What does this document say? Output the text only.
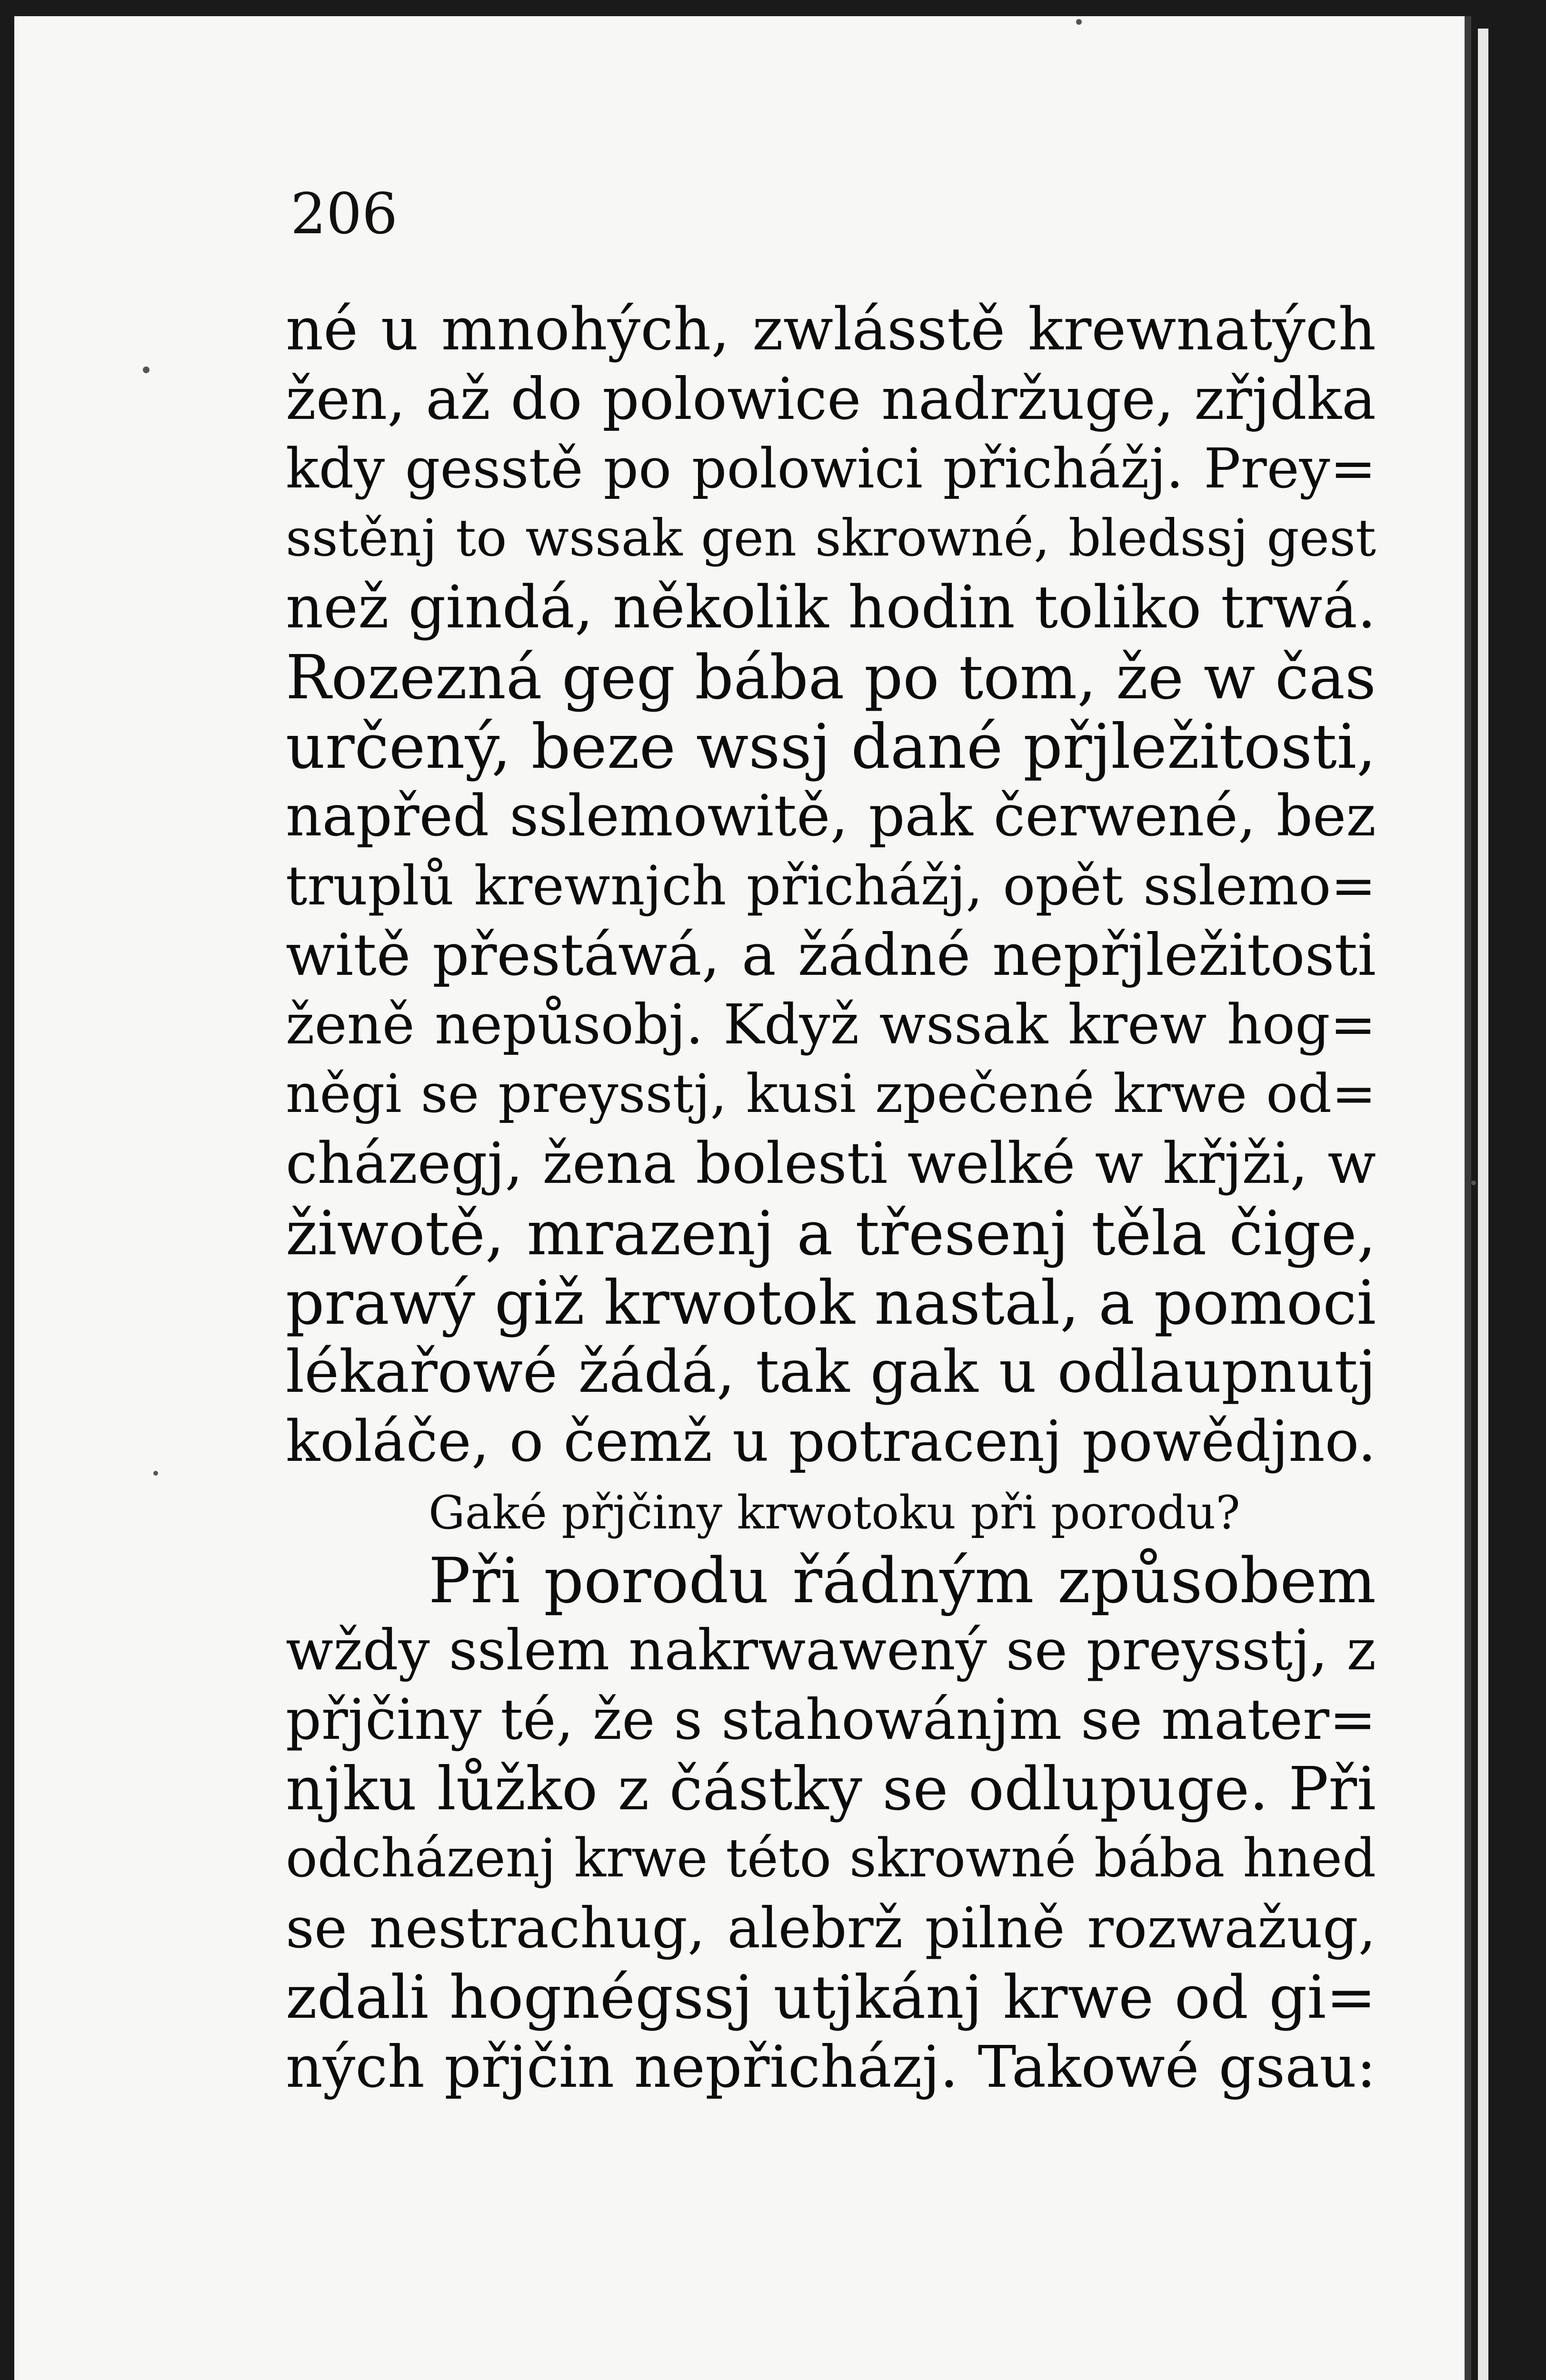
206

né u mnohých, zwlásstě krewnatých
žen, až do polowice nadržuge, zřjdka
kdy gesstě po polowici přichážj. Prey=
sstěnj to wssak gen skrowné, bledssj gest
než gindá, několik hodin toliko trwá.
Rozezná geg bába po tom, že w čas
určený, beze wssj dané přjležitosti,
napřed sslemowitě, pak čerwené, bez
truplů krewnjch přichážj, opět sslemo=
witě přestáwá, a žádné nepřjležitosti
ženě nepůsobj. Když wssak krew hog=
něgi se preysstj, kusi zpečené krwe od=
cházegj, žena bolesti welké w křjži, w
žiwotě, mrazenj a třesenj těla čige,
prawý giž krwotok nastal, a pomoci
lékařowé žádá, tak gak u odlaupnutj
koláče, o čemž u potracenj powědjno.
Gaké přjčiny krwotoku při porodu?
Při porodu řádným způsobem
wždy sslem nakrwawený se preysstj, z
přjčiny té, že s stahowánjm se mater=
njku lůžko z částky se odlupuge. Při
odcházenj krwe této skrowné bába hned
se nestrachug, alebrž pilně rozwažug,
zdali hognégssj utjkánj krwe od gi=
ných přjčin nepřicházj. Takowé gsau:
